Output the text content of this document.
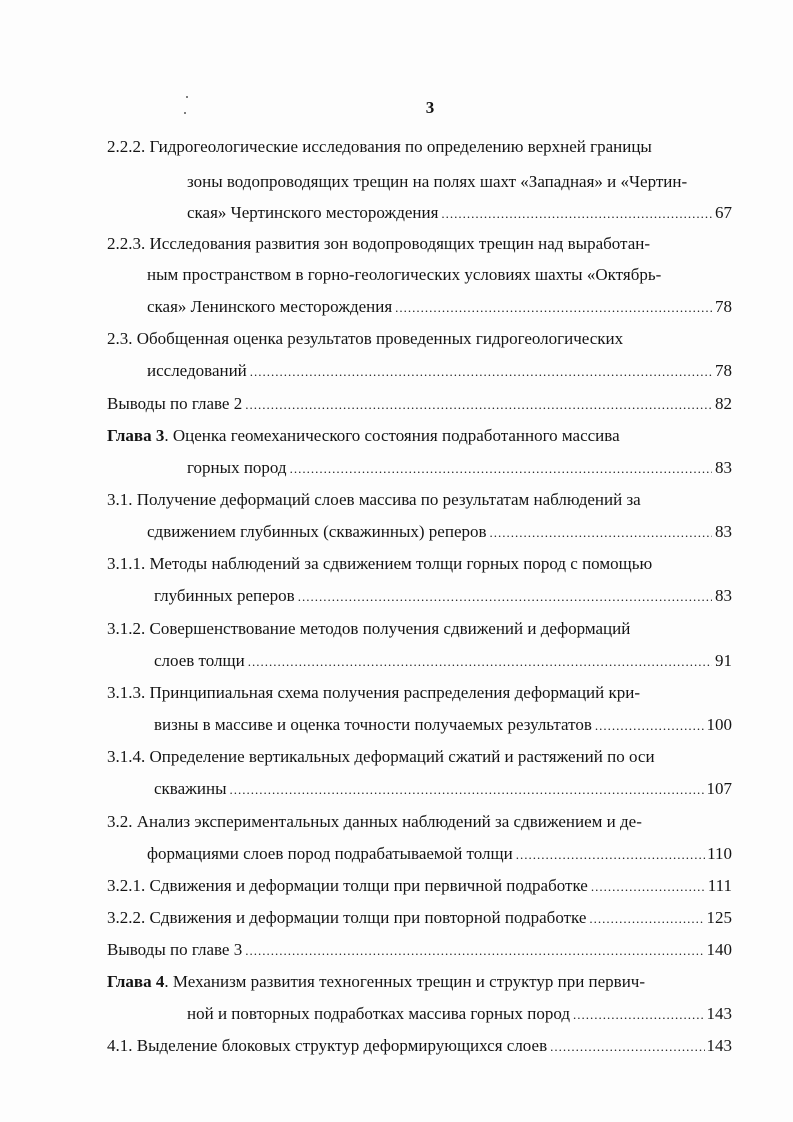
3
2.2.2. Гидрогеологические исследования по определению верхней границы
зоны водопроводящих трещин на полях шахт «Западная» и «Чертин-
ская» Чертинского месторождения .....	67
2.2.3. Исследования развития зон водопроводящих трещин над выработан-
ным пространством в горно-геологических условиях шахты «Октябрь-
ская» Ленинского месторождения .....	78
2.3. Обобщенная оценка результатов проведенных гидрогеологических
исследований .....	78
Выводы по главе 2 .....	82
Глава 3. Оценка геомеханического состояния подработанного массива
горных пород .....	83
3.1. Получение деформаций слоев массива по результатам наблюдений за
сдвижением глубинных (скважинных) реперов .....	83
3.1.1. Методы наблюдений за сдвижением толщи горных пород с помощью
глубинных реперов .....	83
3.1.2. Совершенствование методов получения сдвижений и деформаций
слоев толщи .....	91
3.1.3. Принципиальная схема получения распределения деформаций кри-
визны в массиве и оценка точности получаемых результатов .....	100
3.1.4. Определение вертикальных деформаций сжатий и растяжений по оси
скважины .....	107
3.2. Анализ экспериментальных данных наблюдений за сдвижением и де-
формациями слоев пород подрабатываемой толщи .....	110
3.2.1. Сдвижения и деформации толщи при первичной подработке .....	111
3.2.2. Сдвижения и деформации толщи при повторной подработке .....	125
Выводы по главе 3 .....	140
Глава 4. Механизм развития техногенных трещин и структур при первич-
ной и повторных подработках массива горных пород .....	143
4.1. Выделение блоковых структур деформирующихся слоев .....	143
